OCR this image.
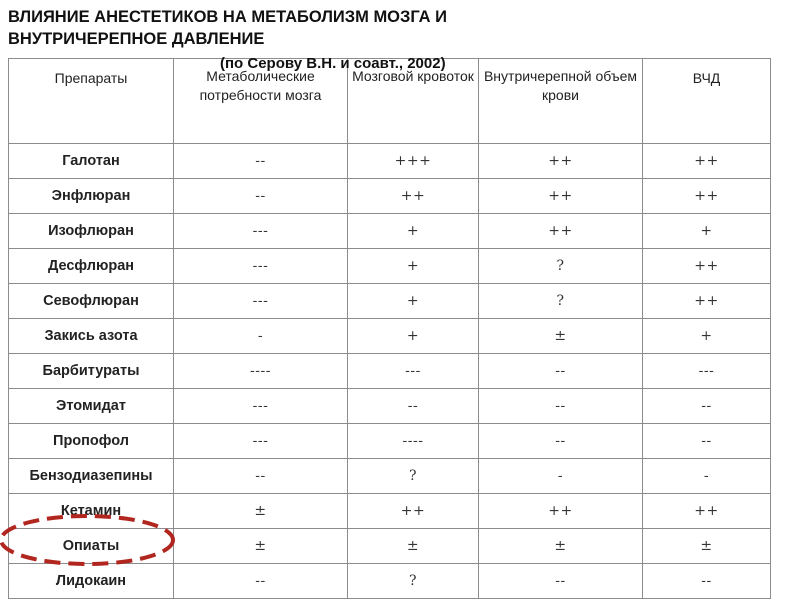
ВЛИЯНИЕ АНЕСТЕТИКОВ НА МЕТАБОЛИЗМ МОЗГА И ВНУТРИЧЕРЕПНОЕ ДАВЛЕНИЕ
(по Серову В.Н. и соавт., 2002)
Препараты	Метаболические потребности мозга	Мозговой кровоток	Внутричерепной объем крови	ВЧД
Галотан	--	+++	++	++
Энфлюран	--	++	++	++
Изофлюран	---	+	++	+
Десфлюран	---	+	?	++
Севофлюран	---	+	?	++
Закись азота	-	+	±	+
Барбитураты	----	---	--	---
Этомидат	---	--	--	--
Пропофол	---	----	--	--
Бензодиазепины	--	?	-	-
Кетамин	±	++	++	++
Опиаты	±	±	±	±
Лидокаин	--	?	--	--
